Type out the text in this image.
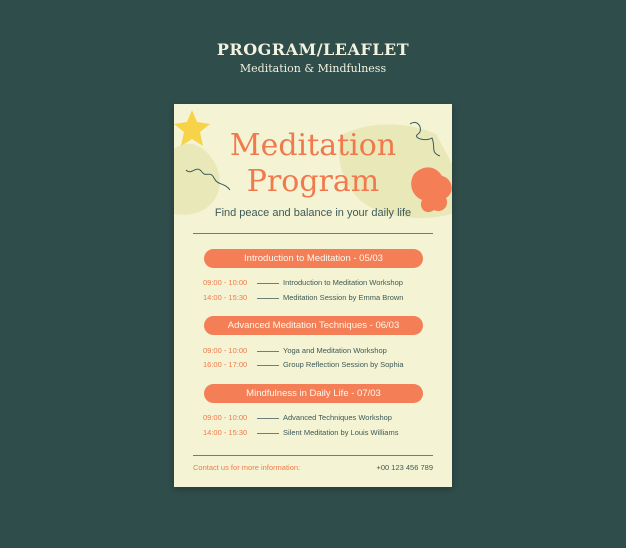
PROGRAM/LEAFLET
Meditation & Mindfulness
Meditation
Program
Find peace and balance in your daily life
Introduction to Meditation - 05/03
09:00 - 10:00	Introduction to Meditation Workshop
14:00 - 15:30	Meditation Session by Emma Brown
Advanced Meditation Techniques - 06/03
09:00 - 10:00	Yoga and Meditation Workshop
16:00 - 17:00	Group Reflection Session by Sophia
Mindfulness in Daily Life - 07/03
09:00 - 10:00	Advanced Techniques Workshop
14:00 - 15:30	Silent Meditation by Louis Williams
Contact us for more information:	+00 123 456 789
